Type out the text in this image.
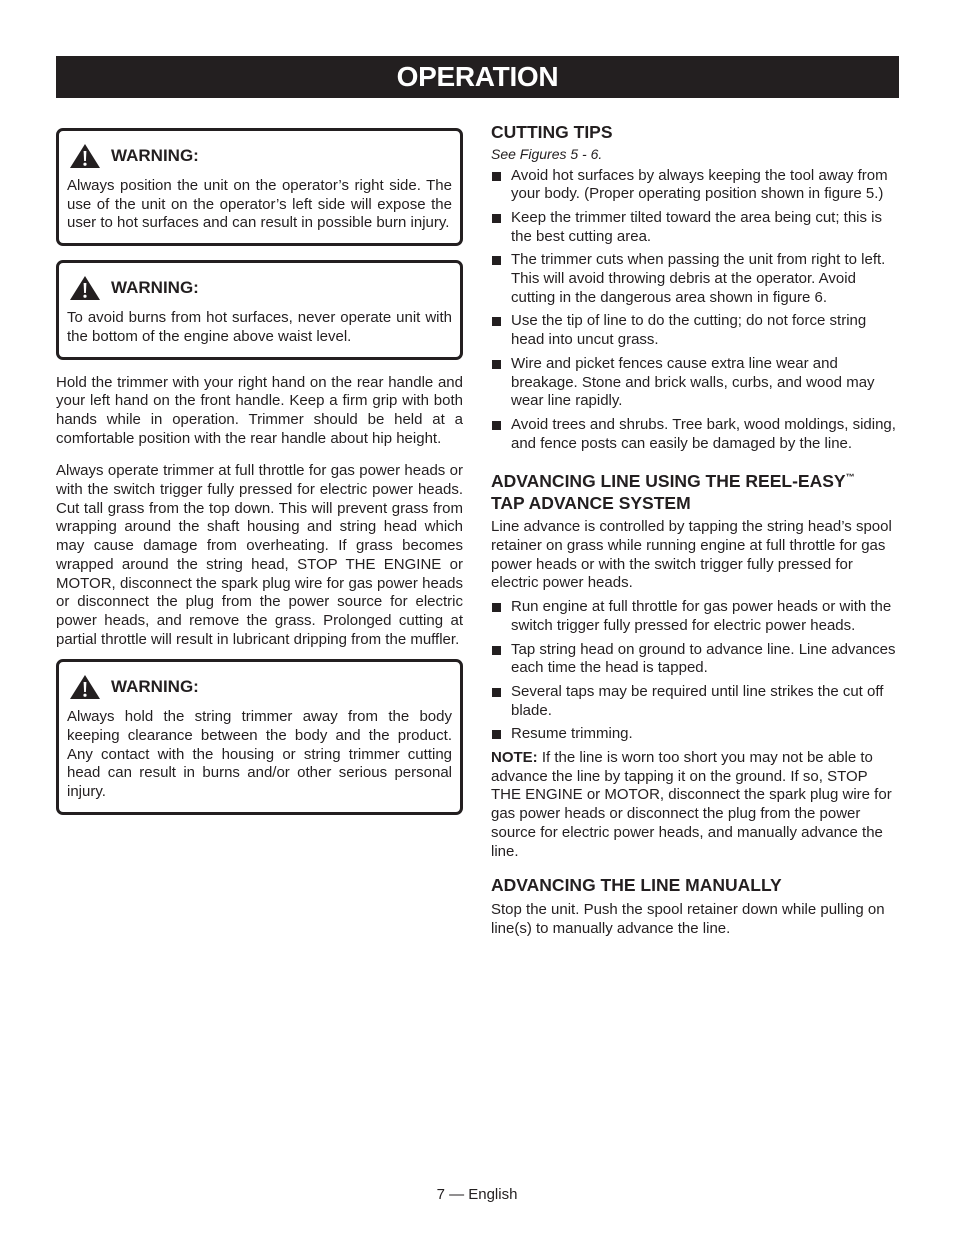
OPERATION
WARNING:
Always position the unit on the operator’s right side. The use of the unit on the operator’s left side will expose the user to hot surfaces and can result in possible burn injury.
WARNING:
To avoid burns from hot surfaces, never operate unit with the bottom of the engine above waist level.

Hold the trimmer with your right hand on the rear handle and your left hand on the front handle. Keep a firm grip with both hands while in operation. Trimmer should be held at a comfortable position with the rear handle about hip height.

Always operate trimmer at full throttle for gas power heads or with the switch trigger fully pressed for electric power heads. Cut tall grass from the top down. This will prevent grass from wrapping around the shaft housing and string head which may cause damage from overheating. If grass becomes wrapped around the string head, STOP THE ENGINE or MOTOR, disconnect the spark plug wire for gas power heads or disconnect the plug from the power source for electric power heads, and remove the grass. Prolonged cutting at partial throttle will result in lubricant dripping from the muffler.

WARNING:
Always hold the string trimmer away from the body keeping clearance between the body and the product. Any contact with the housing or string trimmer cutting head can result in burns and/or other serious personal injury.
CUTTING TIPS
See Figures 5 - 6.
Avoid hot surfaces by always keeping the tool away from your body. (Proper operating position shown in figure 5.)
Keep the trimmer tilted toward the area being cut; this is the best cutting area.
The trimmer cuts when passing the unit from right to left. This will avoid throwing debris at the operator. Avoid cutting in the dangerous area shown in figure 6.
Use the tip of line to do the cutting; do not force string head into uncut grass.
Wire and picket fences cause extra line wear and breakage. Stone and brick walls, curbs, and wood may wear line rapidly.
Avoid trees and shrubs. Tree bark, wood moldings, siding, and fence posts can easily be damaged by the line.
ADVANCING LINE USING THE REEL-EASY™
TAP ADVANCE SYSTEM
Line advance is controlled by tapping the string head’s spool retainer on grass while running engine at full throttle for gas power heads or with the switch trigger fully pressed for electric power heads.
Run engine at full throttle for gas power heads or with the switch trigger fully pressed for electric power heads.
Tap string head on ground to advance line. Line advances each time the head is tapped.
Several taps may be required until line strikes the cut off blade.
Resume trimming.
NOTE: If the line is worn too short you may not be able to advance the line by tapping it on the ground. If so, STOP THE ENGINE or MOTOR, disconnect the spark plug wire for gas power heads or disconnect the plug from the power source for electric power heads, and manually advance the line.
ADVANCING THE LINE MANUALLY
Stop the unit. Push the spool retainer down while pulling on line(s) to manually advance the line.
7 — English
